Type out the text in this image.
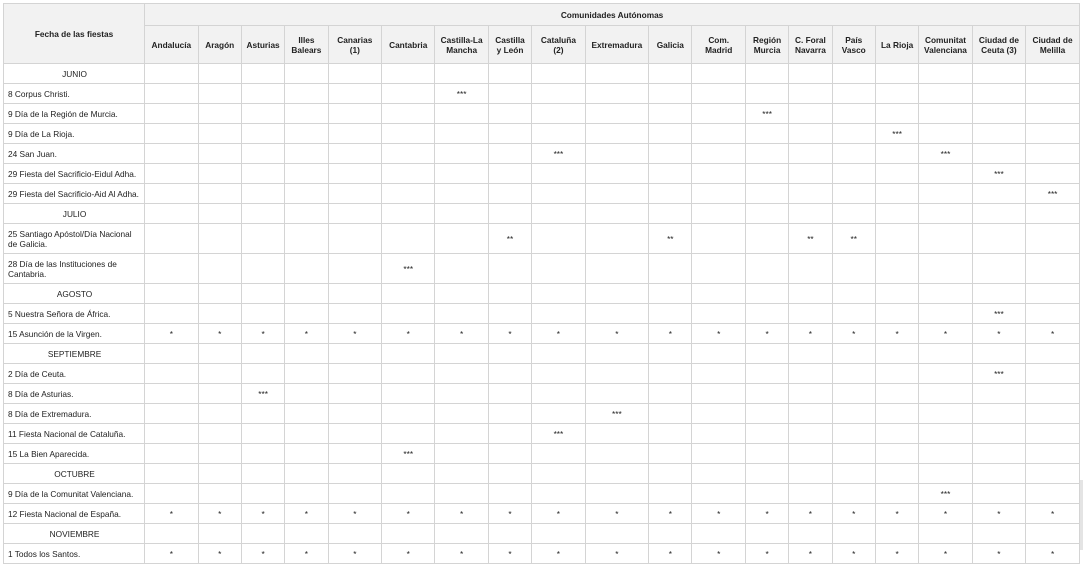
Fecha de las fiestas	Comunidades Autónomas																		
	Andalucía	Aragón	Asturias	Illes Balears	Canarias (1)	Cantabria	Castilla-La Mancha	Castilla y León	Cataluña (2)	Extremadura	Galicia	Com. Madrid	Región Murcia	C. Foral Navarra	País Vasco	La Rioja	Comunitat Valenciana	Ciudad de Ceuta (3)	Ciudad de Melilla
JUNIO																			
8 Corpus Christi.							***												
9 Día de la Región de Murcia.													***						
9 Día de La Rioja.																***			
24 San Juan.									***								***		
29 Fiesta del Sacrificio-Eidul Adha.																		***	
29 Fiesta del Sacrificio-Aid Al Adha.																			***
JULIO																			
25 Santiago Apóstol/Día Nacional de Galicia.								**			**			**	**				
28 Día de las Instituciones de Cantabria.						***													
AGOSTO																			
5 Nuestra Señora de África.																		***	
15 Asunción de la Virgen.	*	*	*	*	*	*	*	*	*	*	*	*	*	*	*	*	*	*	*
SEPTIEMBRE																			
2 Día de Ceuta.																		***	
8 Día de Asturias.			***																
8 Día de Extremadura.										***									
11 Fiesta Nacional de Cataluña.									***										
15 La Bien Aparecida.						***													
OCTUBRE																			
9 Día de la Comunitat Valenciana.																	***		
12 Fiesta Nacional de España.	*	*	*	*	*	*	*	*	*	*	*	*	*	*	*	*	*	*	*
NOVIEMBRE																			
1 Todos los Santos.	*	*	*	*	*	*	*	*	*	*	*	*	*	*	*	*	*	*	*
